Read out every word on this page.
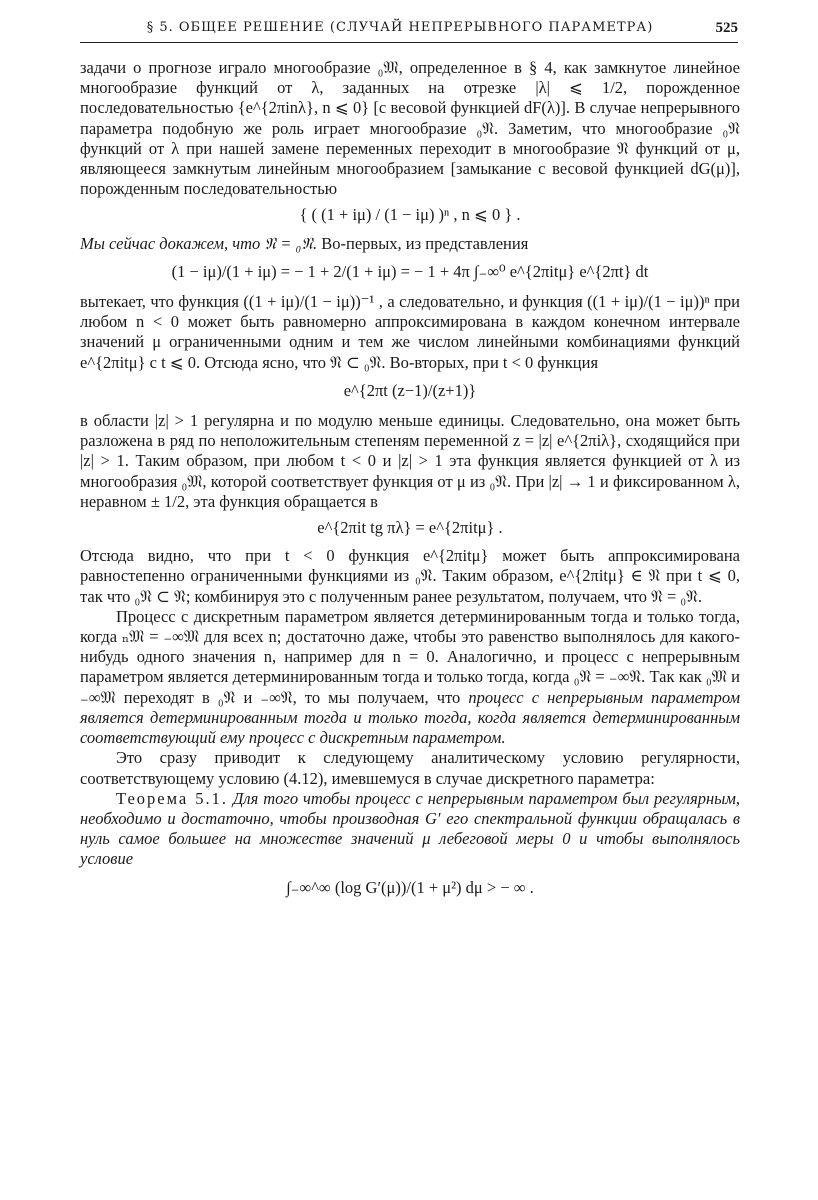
§ 5. ОБЩЕЕ РЕШЕНИЕ (СЛУЧАЙ НЕПРЕРЫВНОГО ПАРАМЕТРА)	525

задачи о прогнозе играло многообразие ₀𝔐, определенное в § 4, как замкнутое линейное многообразие функций от λ, заданных на отрезке |λ| ⩽ 1/2, порожденное последовательностью {e^{2πinλ}, n ⩽ 0} [с весовой функцией dF(λ)]. В случае непрерывного параметра подобную же роль играет многообразие ₀𝔑. Заметим, что многообразие ₀𝔑 функций от λ при нашей замене переменных переходит в многообразие 𝔑 функций от μ, являющееся замкнутым линейным многообразием [замыкание с весовой функцией dG(μ)], порожденным последовательностью

{ ( (1 + iμ) / (1 − iμ) )ⁿ , n ⩽ 0 } .

Мы сейчас докажем, что 𝔑 = ₀𝔑. Во-первых, из представления

(1 − iμ)/(1 + iμ) = − 1 + 2/(1 + iμ) = − 1 + 4π ∫₋∞⁰ e^{2πitμ} e^{2πt} dt

вытекает, что функция ((1 + iμ)/(1 − iμ))⁻¹ , а следовательно, и функция ((1 + iμ)/(1 − iμ))ⁿ при любом n < 0 может быть равномерно аппроксимирована в каждом конечном интервале значений μ ограниченными одним и тем же числом линейными комбинациями функций e^{2πitμ} с t ⩽ 0. Отсюда ясно, что 𝔑 ⊂ ₀𝔑. Во-вторых, при t < 0 функция

e^{2πt (z−1)/(z+1)}

в области |z| > 1 регулярна и по модулю меньше единицы. Следовательно, она может быть разложена в ряд по неположительным степеням переменной z = |z| e^{2πiλ}, сходящийся при |z| > 1. Таким образом, при любом t < 0 и |z| > 1 эта функция является функцией от λ из многообразия ₀𝔐, которой соответствует функция от μ из ₀𝔑. При |z| → 1 и фиксированном λ, неравном ± 1/2, эта функция обращается в

e^{2πit tg πλ} = e^{2πitμ} .

Отсюда видно, что при t < 0 функция e^{2πitμ} может быть аппроксимирована равностепенно ограниченными функциями из ₀𝔑. Таким образом, e^{2πitμ} ∈ 𝔑 при t ⩽ 0, так что ₀𝔑 ⊂ 𝔑; комбинируя это с полученным ранее результатом, получаем, что 𝔑 = ₀𝔑.

Процесс с дискретным параметром является детерминированным тогда и только тогда, когда ₙ𝔐 = ₋∞𝔐 для всех n; достаточно даже, чтобы это равенство выполнялось для какого-нибудь одного значения n, например для n = 0. Аналогично, и процесс с непрерывным параметром является детерминированным тогда и только тогда, когда ₀𝔑 = ₋∞𝔑. Так как ₀𝔐 и ₋∞𝔐 переходят в ₀𝔑 и ₋∞𝔑, то мы получаем, что процесс с непрерывным параметром является детерминированным тогда и только тогда, когда является детерминированным соответствующий ему процесс с дискретным параметром.

Это сразу приводит к следующему аналитическому условию регулярности, соответствующему условию (4.12), имевшемуся в случае дискретного параметра:

Теорема 5.1. Для того чтобы процесс с непрерывным параметром был регулярным, необходимо и достаточно, чтобы производная G′ его спектральной функции обращалась в нуль самое большее на множестве значений μ лебеговой меры 0 и чтобы выполнялось условие

∫₋∞^∞ (log G′(μ))/(1 + μ²) dμ > − ∞ .
